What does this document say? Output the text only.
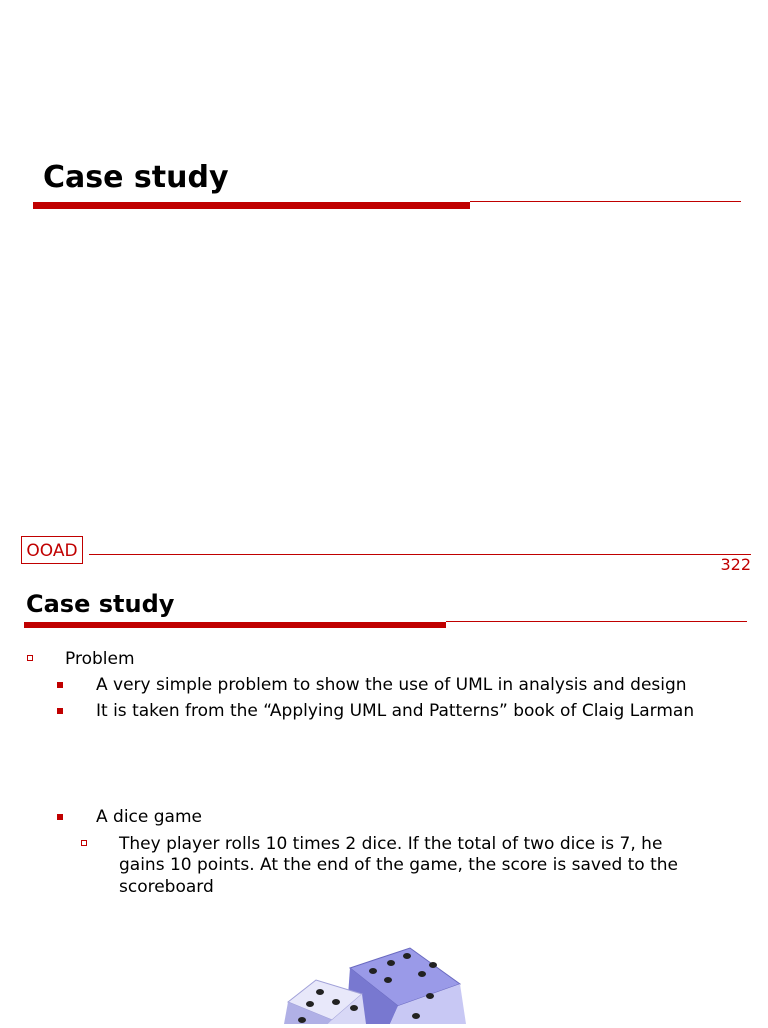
Case study
OOAD
322
Case study
Problem
A very simple problem to show the use of UML in analysis and design
It is taken from the “Applying UML and Patterns” book of Claig Larman
A dice game
They player rolls 10 times 2 dice. If the total of two dice is 7, he
gains 10 points. At the end of the game, the score is saved to the
scoreboard
